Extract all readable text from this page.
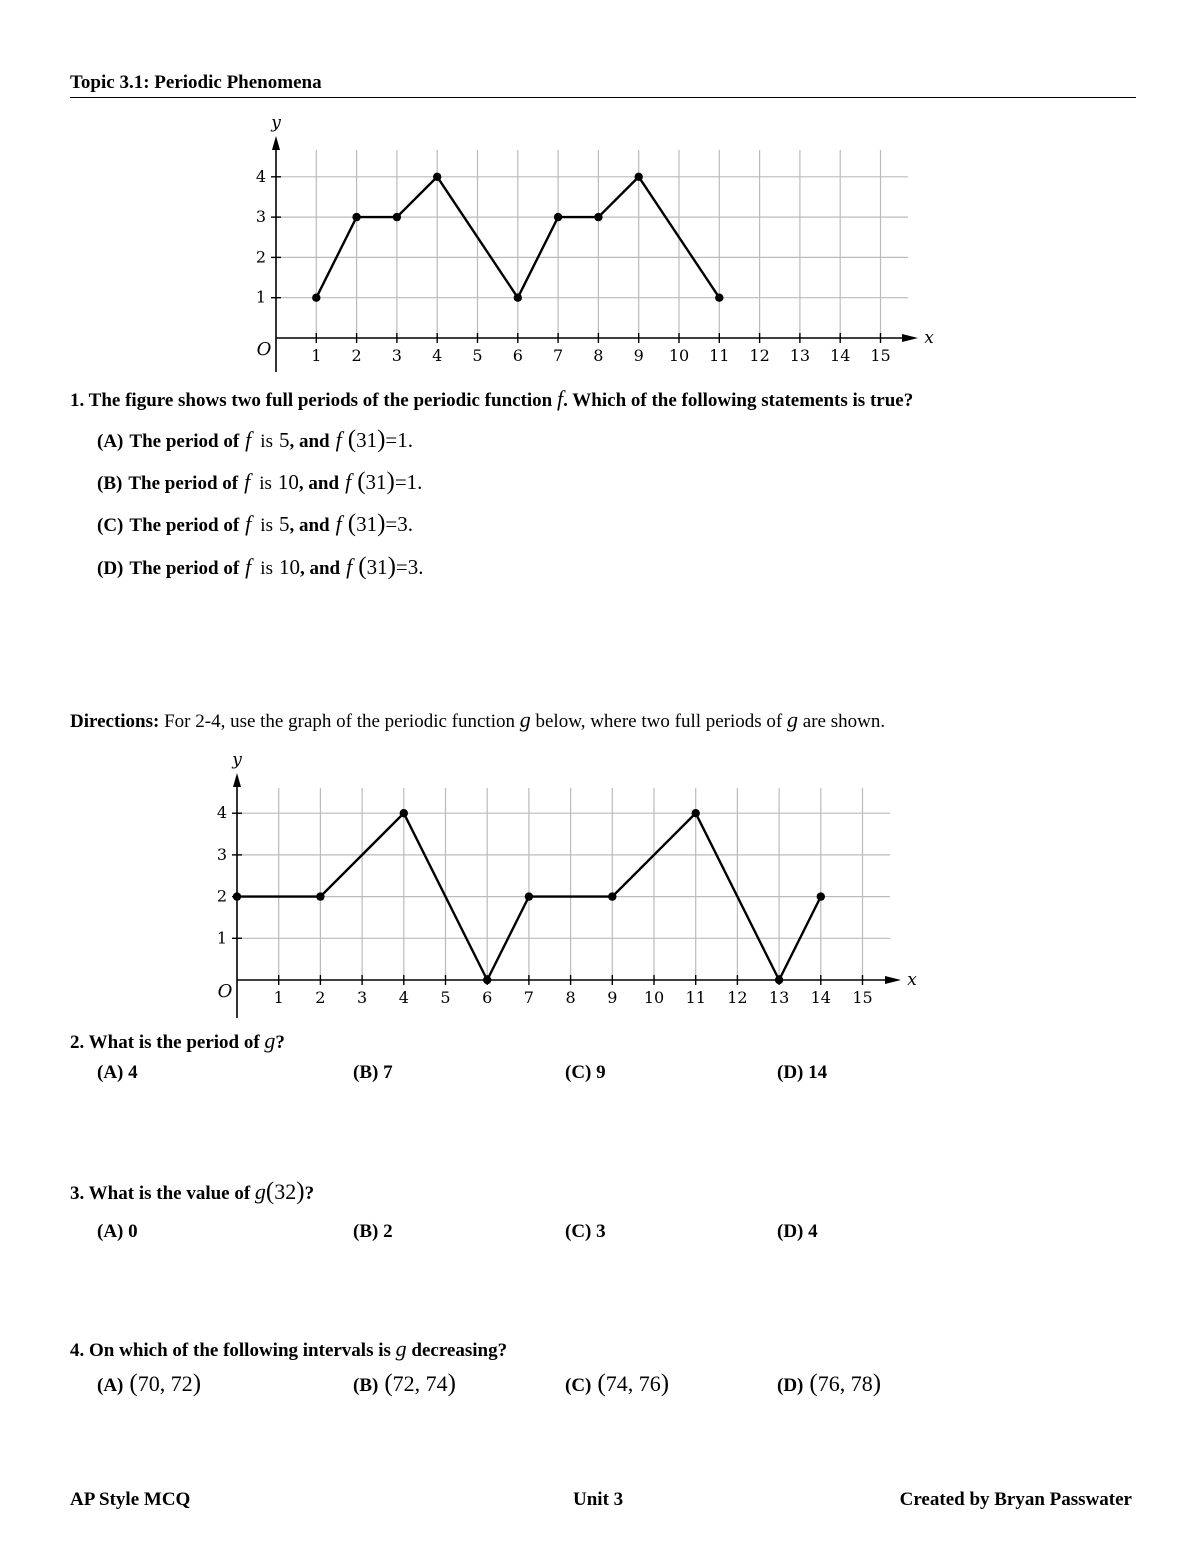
Topic 3.1: Periodic Phenomena
1 2 3 4 5 6 7 8 9 10 11 12 13 14 15
1
2
3
4
x
y
O
1. The figure shows two full periods of the periodic function f. Which of the following statements is true?
(A) The period of f is 5, and f (31)=1.
(B) The period of f is 10, and f (31)=1.
(C) The period of f is 5, and f (31)=3.
(D) The period of f is 10, and f (31)=3.
Directions: For 2-4, use the graph of the periodic function g below, where two full periods of g are shown.
1 2 3 4 5 6 7 8 9 10 11 12 13 14 15
1
2
3
4
x
y
O
2. What is the period of g?
(A) 4	(B) 7	(C) 9	(D) 14
3. What is the value of g(32)?
(A) 0	(B) 2	(C) 3	(D) 4
4. On which of the following intervals is g decreasing?
(A) (70, 72)	(B) (72, 74)	(C) (74, 76)	(D) (76, 78)
AP Style MCQ	Unit 3	Created by Bryan Passwater
